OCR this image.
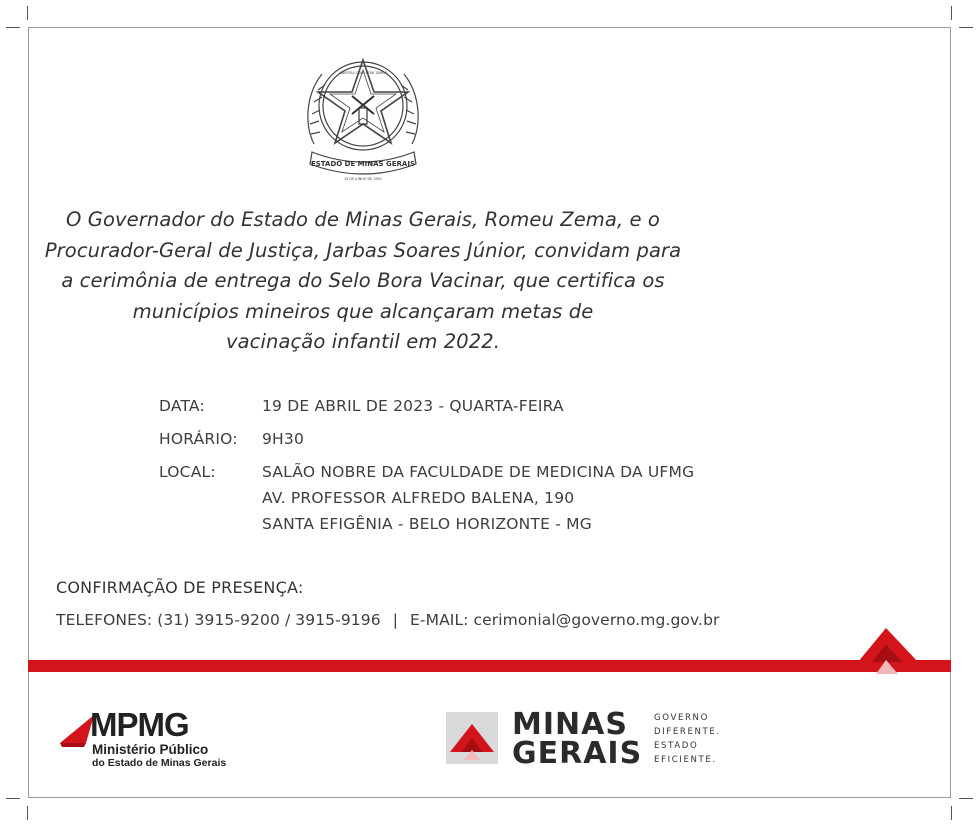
ESTADO DE MINAS GERAIS
LIBERTAS QUÆ SERA TAMEN
15 DE JUNHO DE 1891

O Governador do Estado de Minas Gerais, Romeu Zema, e o
Procurador-Geral de Justiça, Jarbas Soares Júnior, convidam para
a cerimônia de entrega do Selo Bora Vacinar, que certifica os
municípios mineiros que alcançaram metas de
vacinação infantil em 2022.

DATA:	19 DE ABRIL DE 2023 - QUARTA-FEIRA
HORÁRIO: 9H30
LOCAL:	SALÃO NOBRE DA FACULDADE DE MEDICINA DA UFMG
AV. PROFESSOR ALFREDO BALENA, 190
SANTA EFIGÊNIA - BELO HORIZONTE - MG
CONFIRMAÇÃO DE PRESENÇA:
TELEFONES: (31) 3915-9200 / 3915-9196 | E-MAIL: cerimonial@governo.mg.gov.br
MPMG
Ministério Público
do Estado de Minas Gerais
MINAS
GERAIS
GOVERNO
DIFERENTE.
ESTADO
EFICIENTE.
